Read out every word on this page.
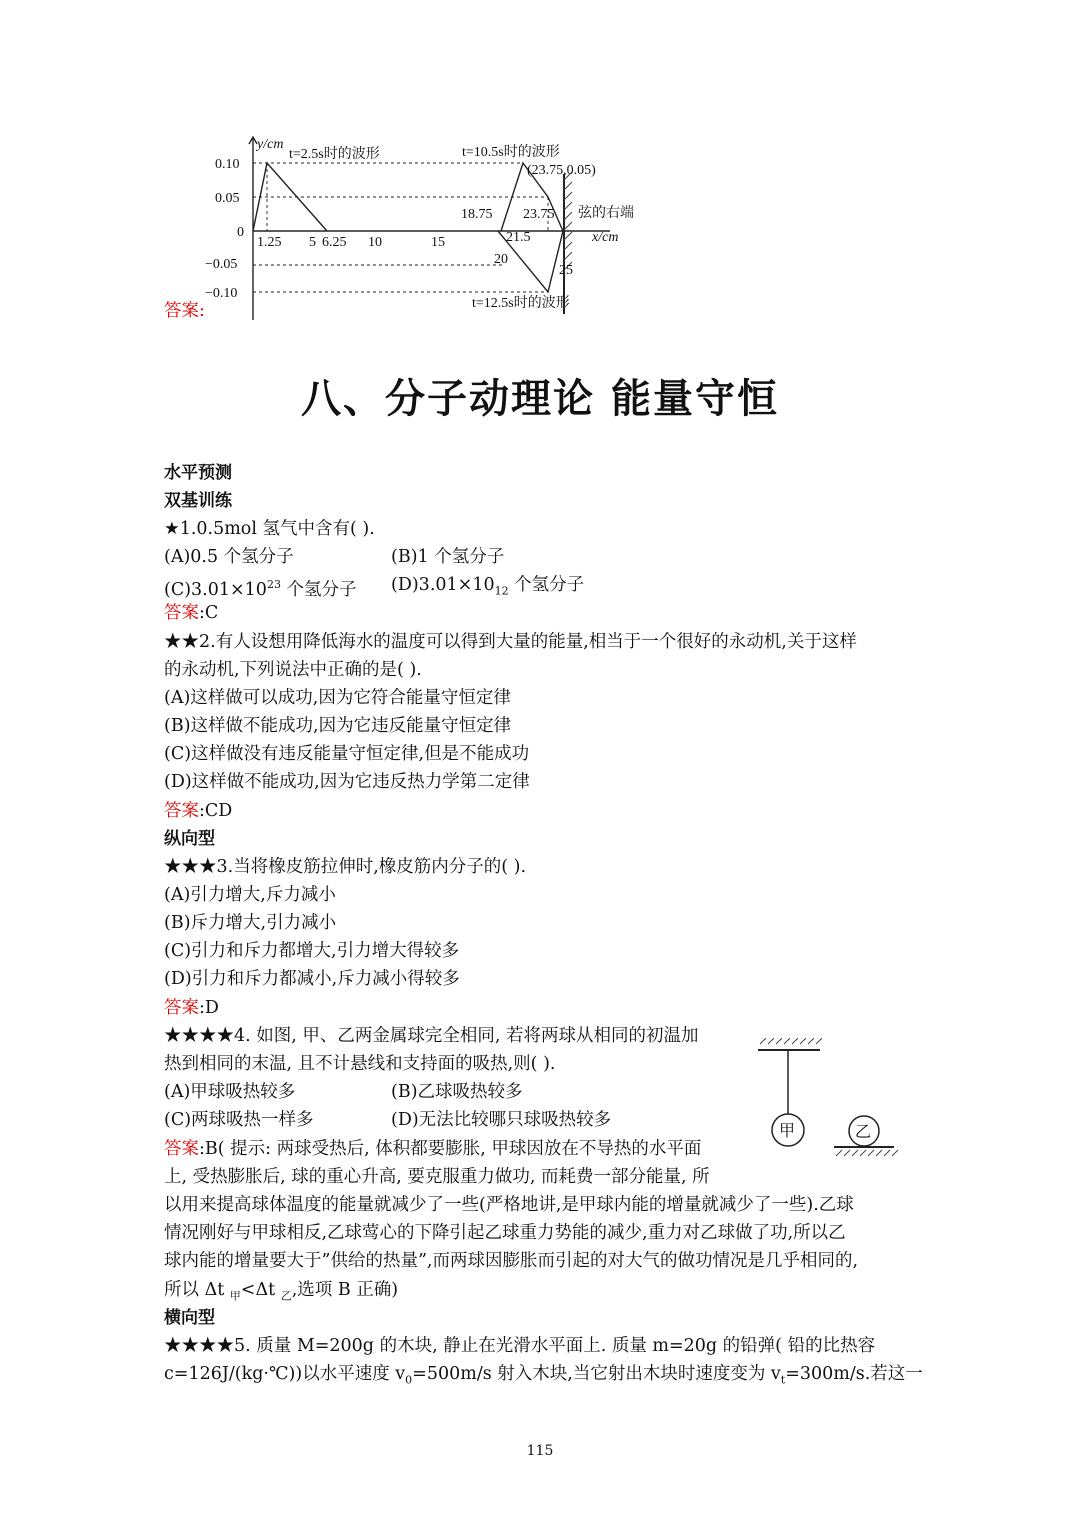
y/cm
x/cm
0.10
0.05
0
−0.05
−0.10
1.25 5 6.25 10	15
t=2.5s时的波形	t=10.5s时的波形
(23.75,0.05)
18.75 23.75
21.5
20
25
弦的右端
t=12.5s时的波形
答案:
八、分子动理论 能量守恒
水平预测
双基训练
★1.0.5mol 氢气中含有( ).
(A)0.5 个氢分子	(B)1 个氢分子
$(C)3.01\times 10^{23}$ 个氢分子 $(D)3.01\times 10_{12}$ 个氢分子
答案:C
★★2.有人设想用降低海水的温度可以得到大量的能量,相当于一个很好的永动机,关于这样
的永动机,下列说法中正确的是( ).
(A)这样做可以成功,因为它符合能量守恒定律
(B)这样做不能成功,因为它违反能量守恒定律
(C)这样做没有违反能量守恒定律,但是不能成功
(D)这样做不能成功,因为它违反热力学第二定律
答案:CD
纵向型
★★★3.当将橡皮筋拉伸时,橡皮筋内分子的( ).
(A)引力增大,斥力减小
(B)斥力增大,引力减小
(C)引力和斥力都增大,引力增大得较多
(D)引力和斥力都减小,斥力减小得较多
答案:D
★★★★4. 如图, 甲、乙两金属球完全相同, 若将两球从相同的初温加
热到相同的末温, 且不计悬线和支持面的吸热,则( ).
(A)甲球吸热较多	(B)乙球吸热较多
(C)两球吸热一样多	(D)无法比较哪只球吸热较多
答案:B( 提示: 两球受热后, 体积都要膨胀, 甲球因放在不导热的水平面
上, 受热膨胀后, 球的重心升高, 要克服重力做功, 而耗费一部分能量, 所
以用来提高球体温度的能量就减少了一些(严格地讲,是甲球内能的增量就减少了一些).乙球
情况刚好与甲球相反,乙球莺心的下降引起乙球重力势能的减少,重力对乙球做了功,所以乙
球内能的增量要大于”供给的热量”,而两球因膨胀而引起的对大气的做功情况是几乎相同的,
所以 Δt $_甲$<Δt $_乙$,选项 B 正确)
甲	乙
横向型
★★★★5. 质量 M=200g 的木块, 静止在光滑水平面上. 质量 m=20g 的铅弹( 铅的比热容
c=126J/(kg·℃))以水平速度 $v_0=500m/s$ 射入木块,当它射出木块时速度变为 $v_t=300m/s$.若这一
115
